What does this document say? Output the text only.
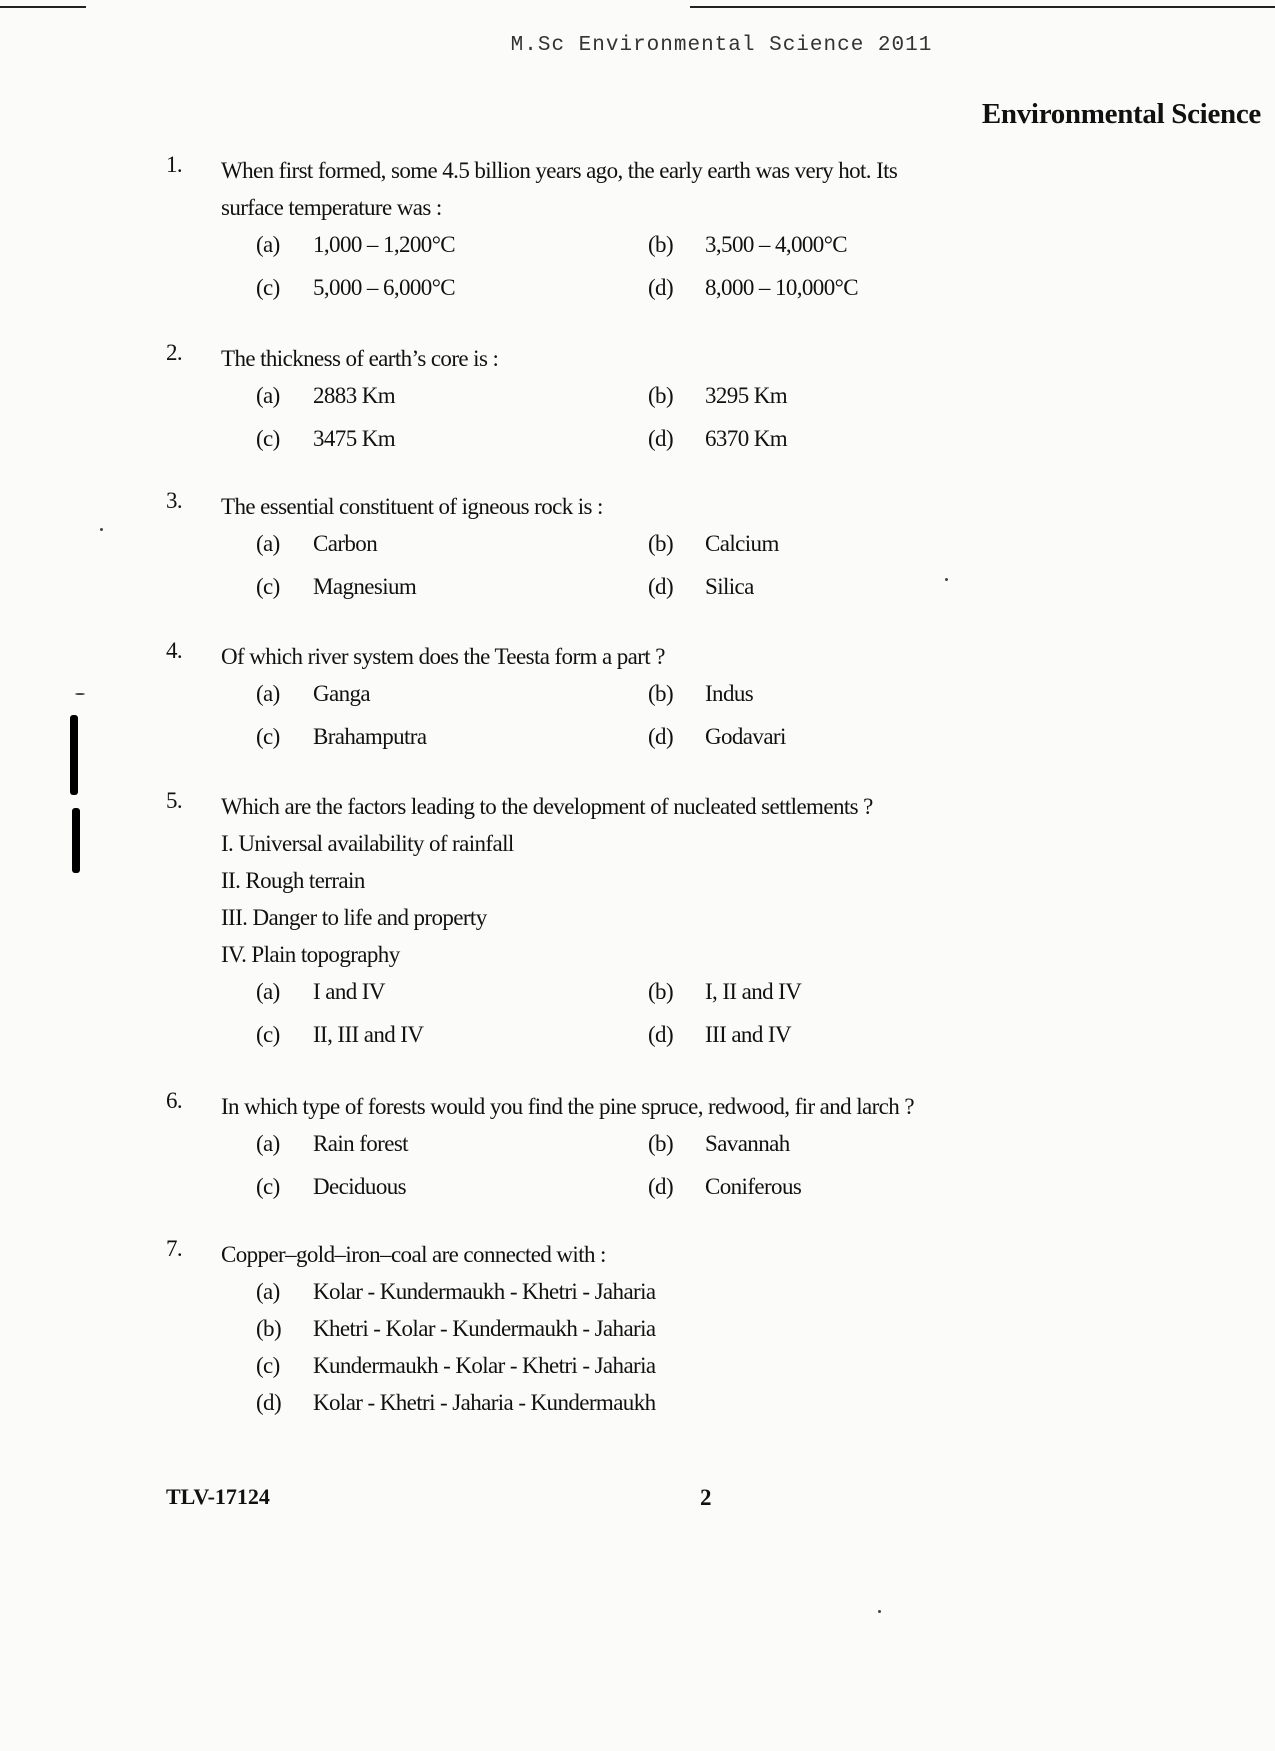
M.Sc Environmental Science 2011
Environmental Science
1. When first formed, some 4.5 billion years ago, the early earth was very hot. Its
surface temperature was :
(a) 1,000 – 1,200°C	(b) 3,500 – 4,000°C
(c) 5,000 – 6,000°C	(d) 8,000 – 10,000°C
2. The thickness of earth’s core is :
(a) 2883 Km	(b) 3295 Km
(c) 3475 Km	(d) 6370 Km
3. The essential constituent of igneous rock is :
(a) Carbon	(b) Calcium
(c) Magnesium	(d) Silica
4. Of which river system does the Teesta form a part ?
(a) Ganga	(b) Indus
(c) Brahamputra	(d) Godavari
5. Which are the factors leading to the development of nucleated settlements ?
I. Universal availability of rainfall
II. Rough terrain
III. Danger to life and property
IV. Plain topography
(a) I and IV	(b) I, II and IV
(c) II, III and IV	(d) III and IV
6. In which type of forests would you find the pine spruce, redwood, fir and larch ?
(a) Rain forest	(b) Savannah
(c) Deciduous	(d) Coniferous
7. Copper–gold–iron–coal are connected with :
(a) Kolar - Kundermaukh - Khetri - Jaharia
(b) Khetri - Kolar - Kundermaukh - Jaharia
(c) Kundermaukh - Kolar - Khetri - Jaharia
(d) Kolar - Khetri - Jaharia - Kundermaukh
TLV-17124	2
